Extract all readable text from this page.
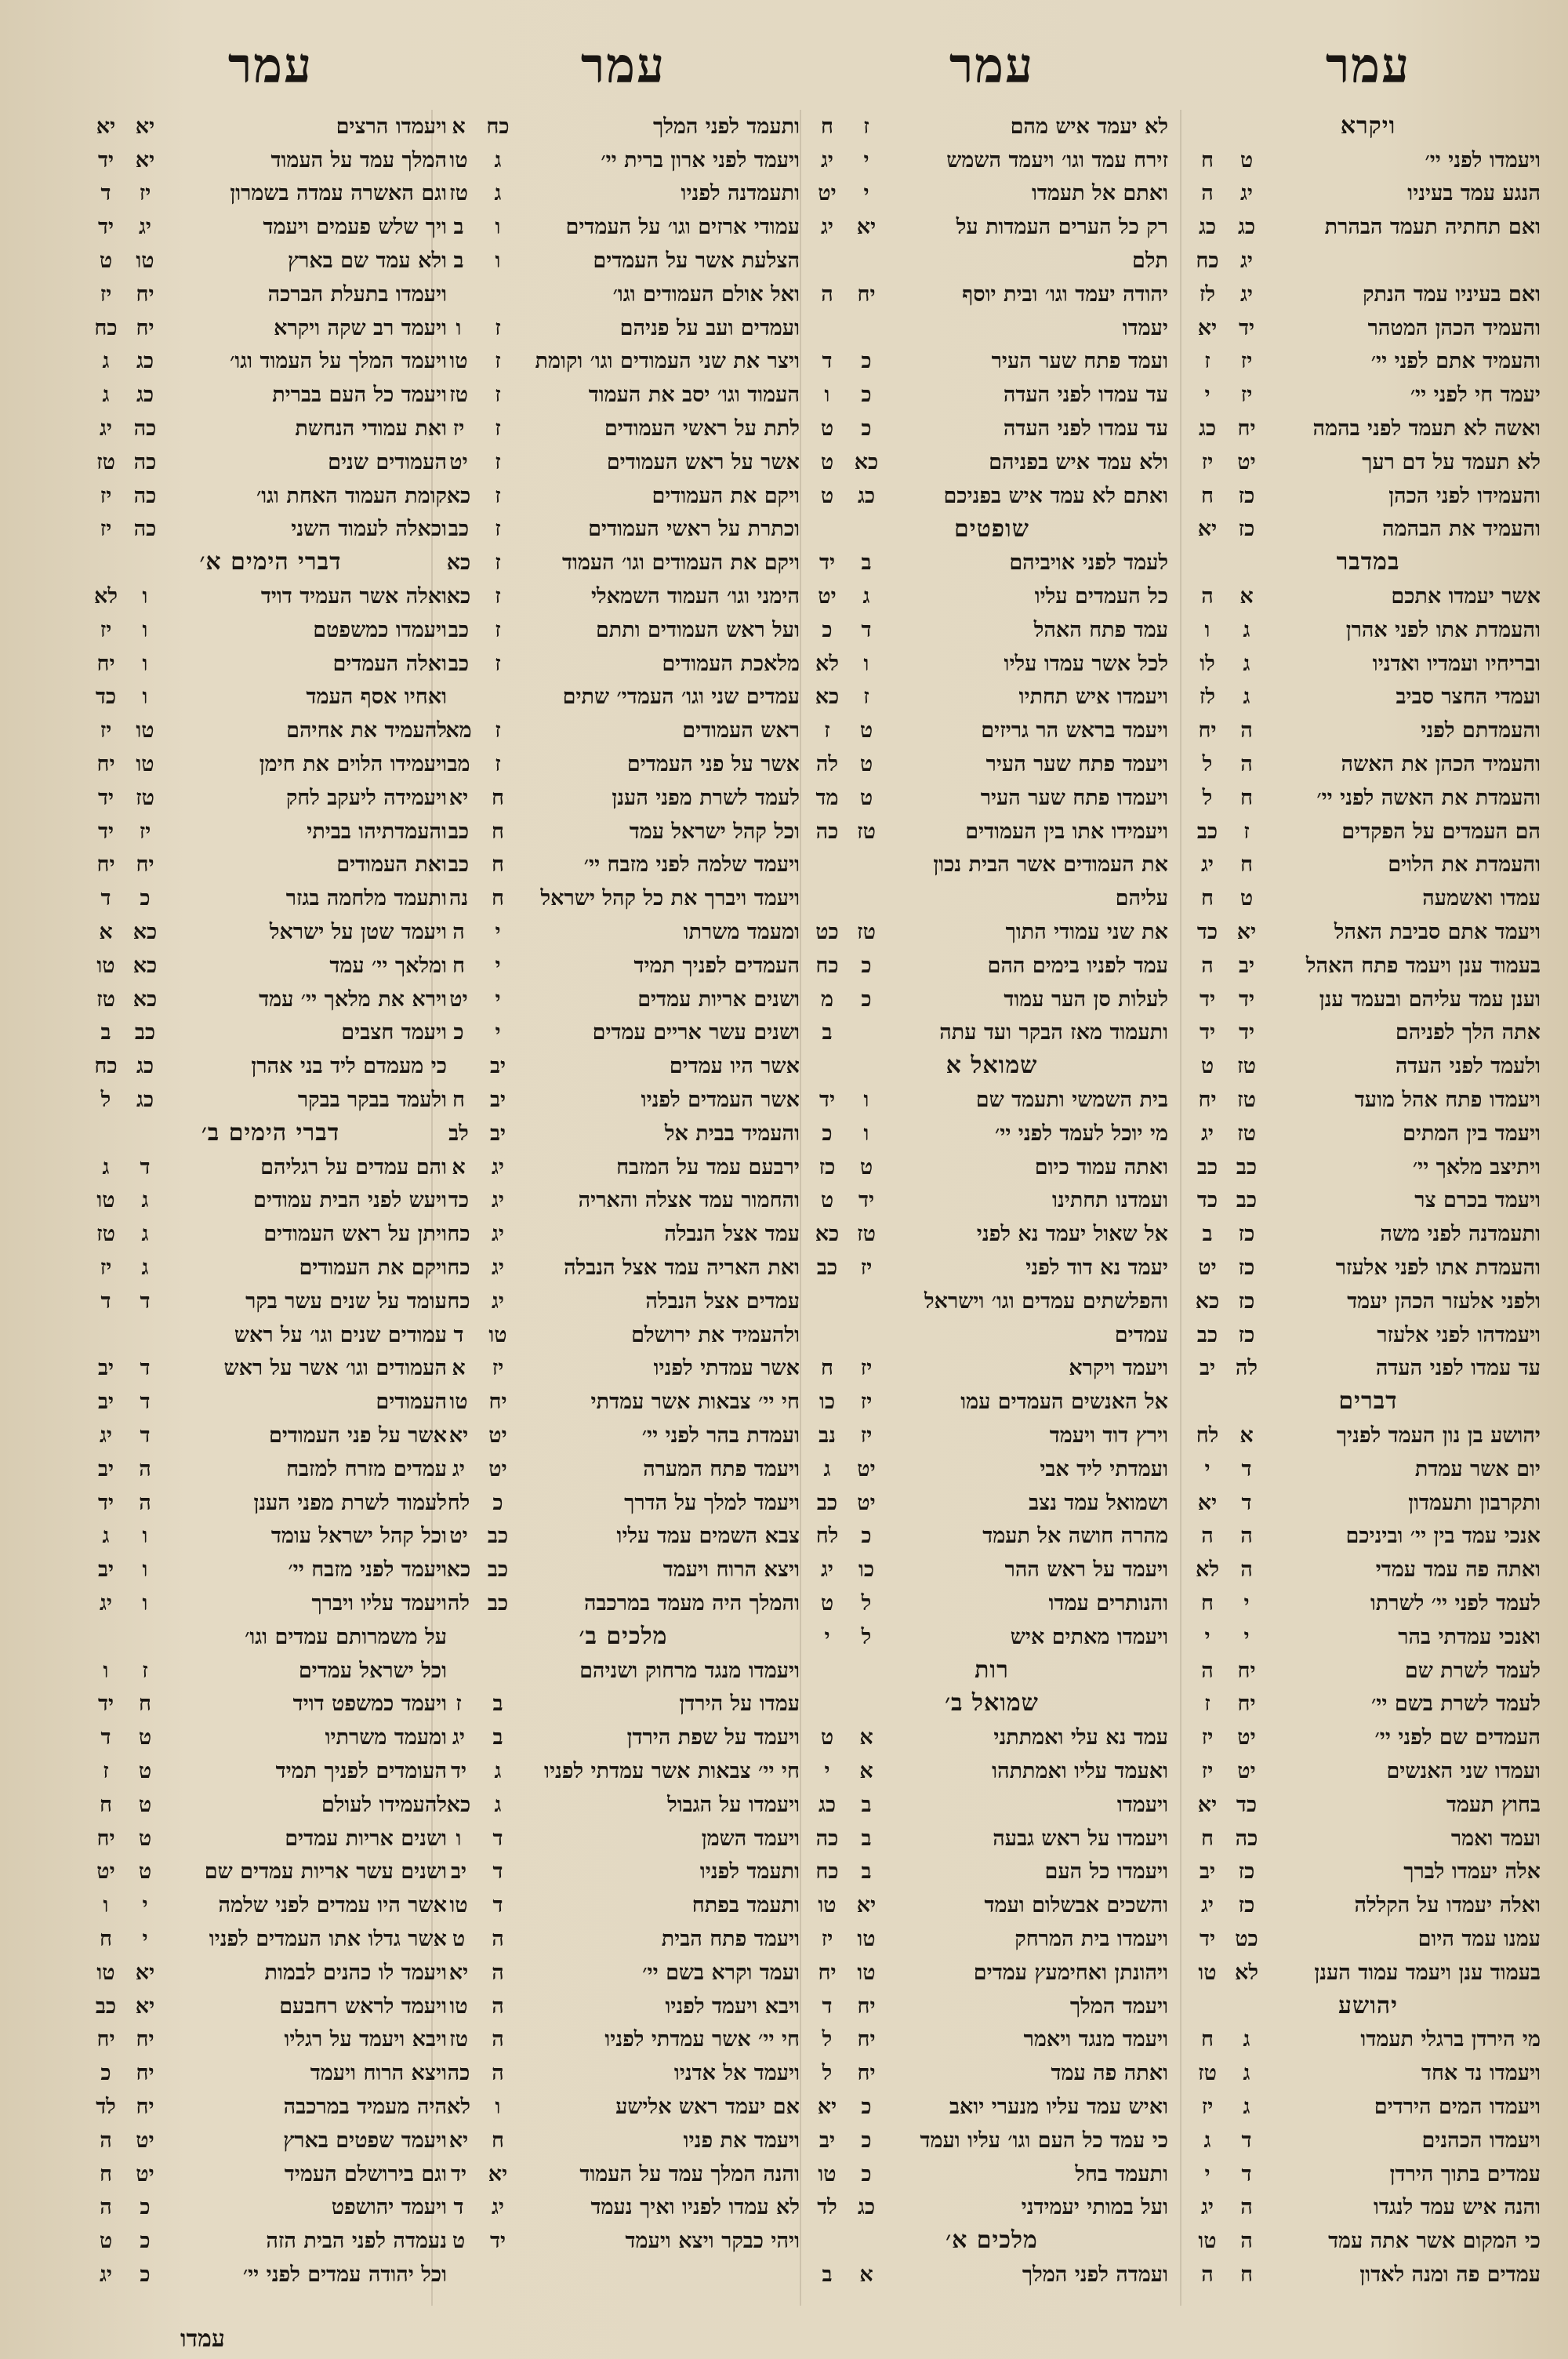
עמר
ויקרא
ויעמדו לפני יי׳
ט
ח
הנגע עמד בעיניו
יג
ה
ואם תחתיה תעמד הבהרת
כג
כג
יג
כח
ואם בעיניו עמד הנתק
יג
לז
והעמיד הכהן המטהר
יד
יא
והעמיד אתם לפני יי׳
יז
ז
יעמד חי לפני יי׳
יז
י
ואשה לא תעמד לפני בהמה
יח
כג
לא תעמד על דם רעך
יט
יז
והעמידו לפני הכהן
כז
ח
והעמיד את הבהמה
כז
יא
במדבר
אשר יעמדו אתכם
א
ה
והעמדת אתו לפני אהרן
ג
ו
ובריחיו ועמדיו ואדניו
ג
לו
ועמדי החצר סביב
ג
לז
והעמדתם לפני
ה
יח
והעמיד הכהן את האשה
ה
ל
והעמדת את האשה לפני יי׳
ח
ל
הם העמדים על הפקדים
ז
כב
והעמדת את הלוים
ח
יג
עמדו ואשמעה
ט
ח
ויעמד אתם סביבת האהל
יא
כד
בעמוד ענן ויעמד פתח האהל
יב
ה
וענן עמד עליהם ובעמד ענן
יד
יד
אתה הלך לפניהם
יד
יד
ולעמד לפני העדה
טז
ט
ויעמדו פתח אהל מועד
טז
יח
ויעמד בין המתים
טז
יג
ויתיצב מלאך יי׳
כב
כב
ויעמד בכרם צר
כב
כד
ותעמדנה לפני משה
כז
ב
והעמדת אתו לפני אלעזר
כז
יט
ולפני אלעזר הכהן יעמד
כז
כא
ויעמדהו לפני אלעזר
כז
כב
עד עמדו לפני העדה
לה
יב
דברים
יהושע בן נון העמד לפניך
א
לח
יום אשר עמדת
ד
י
ותקרבון ותעמדון
ד
יא
אנכי עמד בין יי׳ וביניכם
ה
ה
ואתה פה עמד עמדי
ה
לא
לעמד לפני יי׳ לשרתו
י
ח
ואנכי עמדתי בהר
י
י
לעמד לשרת שם
יח
ה
לעמד לשרת בשם יי׳
יח
ז
העמדים שם לפני יי׳
יט
יז
ועמדו שני האנשים
יט
יז
בחוץ תעמד
כד
יא
ועמד ואמר
כה
ח
אלה יעמדו לברך
כז
יב
ואלה יעמדו על הקללה
כז
יג
עמנו עמד היום
כט
יד
בעמוד ענן ויעמד עמוד הענן
לא
טו
יהושע
מי הירדן ברגלי תעמדו
ג
ח
ויעמדו נד אחד
ג
טז
ויעמדו המים הירדים
ג
יז
ויעמדו הכהנים
ד
ג
עמדים בתוך הירדן
ד
י
והנה איש עמד לנגדו
ה
יג
כי המקום אשר אתה עמד
ה
טו
עמדים פה ומנה לאדון
ח
ה
עמר
לא יעמד איש מהם
ז
ח
זירח עמד וגו׳ ויעמד השמש
י
יג
ואתם אל תעמדו
י
יט
רק כל הערים העמדות על
יא
יג
תלם
יהודה יעמד וגו׳ ובית יוסף
יח
ה
יעמדו
ועמד פתח שער העיר
כ
ד
עד עמדו לפני העדה
כ
ו
עד עמדו לפני העדה
כ
ט
ולא עמד איש בפניהם
כא
ט
ואתם לא עמד איש בפניכם
כג
ט
שופטים
לעמד לפני אויביהם
ב
יד
כל העמדים עליו
ג
יט
עמד פתח האהל
ד
כ
לכל אשר עמדו עליו
ו
לא
ויעמדו איש תחתיו
ז
כא
ויעמד בראש הר גריזים
ט
ז
ויעמד פתח שער העיר
ט
לה
ויעמדו פתח שער העיר
ט
מד
ויעמידו אתו בין העמודים
טז
כה
את העמודים אשר הבית נכון
עליהם
את שני עמודי התוך
טז
כט
עמד לפניו בימים ההם
כ
כח
לעלות סן הער עמוד
כ
מ
ותעמוד מאז הבקר ועד עתה
ב
שמואל א
בית השמשי ותעמד שם
ו
יד
מי יוכל לעמד לפני יי׳
ו
כ
ואתה עמוד כיום
ט
כז
ועמדנו תחתינו
יד
ט
אל שאול יעמד נא לפני
טז
כא
יעמד נא דוד לפני
יז
כב
והפלשתים עמדים וגו׳ וישראל
עמדים
ויעמד ויקרא
יז
ח
אל האנשים העמדים עמו
יז
כו
וירץ דוד ויעמד
יז
נב
ועמדתי ליד אבי
יט
ג
ושמואל עמד נצב
יט
כב
מהרה חושה אל תעמד
כ
לח
ויעמד על ראש ההר
כו
יג
והנותרים עמדו
ל
ט
ויעמדו מאתים איש
ל
י
רות
שמואל ב׳
עמד נא עלי ואמתתני
א
ט
ואעמד עליו ואמתתהו
א
י
ויעמדו
ב
כג
ויעמדו על ראש גבעה
ב
כה
ויעמדו כל העם
ב
כח
והשכים אבשלום ועמד
יא
טו
ויעמדו בית המרחק
טו
יז
ויהונתן ואחימעץ עמדים
טו
יח
ויעמד המלך
יח
ד
ויעמד מנגד ויאמר
יח
ל
ואתה פה עמד
יח
ל
ואיש עמד עליו מנערי יואב
כ
יא
כי עמד כל העם וגו׳ עליו ועמד
כ
יב
ותעמד בחל
כ
טו
ועל במותי יעמידני
כג
לד
מלכים א׳
ועמדה לפני המלך
א
ב
עמר
ותעמד לפני המלך
כח
א
ויעמד לפני ארון ברית יי׳
ג
טו
ותעמדנה לפניו
ג
טז
עמודי ארזים וגו׳ על העמדים
ו
ב
הצלעת אשר על העמדים
ו
ב
ואל אולם העמודים וגו׳
ועמדים ועב על פניהם
ז
ו
ויצר את שני העמודים וגו׳ וקומת
ז
טו
העמוד וגו׳ יסב את העמוד
ז
טז
לתת על ראשי העמודים
ז
יז
אשר על ראש העמודים
ז
יט
ויקם את העמודים
ז
כא
וכתרת על ראשי העמודים
ז
כב
ויקם את העמודים וגו׳ העמוד
ז
כא
הימני וגו׳ העמוד השמאלי
ז
כא
ועל ראש העמודים ותתם
ז
כב
מלאכת העמודים
ז
כב
עמדים שני וגו׳ העמדי׳ שתים
ראש העמודים
ז
מא
אשר על פני העמדים
ז
מב
לעמד לשרת מפני הענן
ח
יא
וכל קהל ישראל עמד
ח
כב
ויעמד שלמה לפני מזבח יי׳
ח
כב
ויעמד ויברך את כל קהל ישראל
ח
נה
ומעמד משרתו
י
ה
העמדים לפניך תמיד
י
ח
ושנים אריות עמדים
י
יט
ושנים עשר אריים עמדים
י
כ
אשר היו עמדים
יב
אשר העמדים לפניו
יב
ח
והעמיד בבית אל
יב
לב
ירבעם עמד על המזבח
יג
א
והחמור עמד אצלה והאריה
יג
כד
עמד אצל הנבלה
יג
כח
ואת האריה עמד אצל הנבלה
יג
כח
עמדים אצל הנבלה
יג
כח
ולהעמיד את ירושלם
טו
ד
אשר עמדתי לפניו
יז
א
חי יי׳ צבאות אשר עמדתי
יח
טו
ועמדת בהר לפני יי׳
יט
יא
ויעמד פתח המערה
יט
יג
ויעמד למלך על הדרך
כ
לח
צבא השמים עמד עליו
כב
יט
ויצא הרוח ויעמד
כב
כא
והמלך היה מעמד במרכבה
כב
לה
מלכים ב׳
ויעמדו מנגד מרחוק ושניהם
עמדו על הירדן
ב
ז
ויעמד על שפת הירדן
ב
יג
חי יי׳ צבאות אשר עמדתי לפניו
ג
יד
ויעמדו על הגבול
ג
כא
ויעמד השמן
ד
ו
ותעמד לפניו
ד
יב
ותעמד בפתח
ד
טו
ויעמד פתח הבית
ה
ט
ועמד וקרא בשם יי׳
ה
יא
ויבא ויעמד לפניו
ה
טו
חי יי׳ אשר עמדתי לפניו
ה
טז
ויעמד אל אדניו
ה
כה
אם יעמד ראש אלישע
ו
לא
ויעמד את פניו
ח
יא
והנה המלך עמד על העמוד
יא
יד
לא עמדו לפניו ואיך נעמד
יג
ד
ויהי כבקר ויצא ויעמד
יד
ט
עמר
ויעמדו הרצים
יא
יא
המלך עמד על העמוד
יא
יד
וגם האשרה עמדה בשמרון
יז
ד
ויך שלש פעמים ויעמד
יג
יד
ולא עמד שם בארץ
טו
ט
ויעמדו בתעלת הברכה
יח
יז
ויעמד רב שקה ויקרא
יח
כח
ויעמד המלך על העמוד וגו׳
כג
ג
ויעמד כל העם בברית
כג
ג
ואת עמודי הנחשת
כה
יג
העמודים שנים
כה
טז
קומת העמוד האחת וגו׳
כה
יז
וכאלה לעמוד השני
כה
יז
דברי הימים א׳
ואלה אשר העמיד דויד
ו
לא
ויעמדו כמשפטם
ו
יז
ואלה העמדים
ו
יח
ואחיו אסף העמד
ו
כד
להעמיד את אחיהם
טו
יז
ויעמידו הלוים את חימן
טו
יח
ויעמידה ליעקב לחק
טז
יד
והעמדתיהו בביתי
יז
יד
ואת העמודים
יח
יח
ותעמד מלחמה בגזר
כ
ד
ויעמד שטן על ישראל
כא
א
ומלאך יי׳ עמד
כא
טו
וירא את מלאך יי׳ עמד
כא
טז
ויעמד חצבים
כב
ב
כי מעמדם ליד בני אהרן
כג
כח
ולעמד בבקר בבקר
כג
ל
דברי הימים ב׳
והם עמדים על רגליהם
ד
ג
ויעש לפני הבית עמודים
ג
טו
ויתן על ראש העמודים
ג
טז
ויקם את העמודים
ג
יז
עומד על שנים עשר בקר
ד
ד
עמודים שנים וגו׳ על ראש
העמודים וגו׳ אשר על ראש
ד
יב
העמודים
ד
יב
אשר על פני העמודים
ד
יג
עמדים מזרח למזבח
ה
יב
לעמוד לשרת מפני הענן
ה
יד
וכל קהל ישראל עומד
ו
ג
ויעמד לפני מזבח יי׳
ו
יב
ויעמד עליו ויברך
ו
יג
על משמרותם עמדים וגו׳
וכל ישראל עמדים
ז
ו
ויעמד כמשפט דויד
ח
יד
ומעמד משרתיו
ט
ד
העומדים לפניך תמיד
ט
ז
להעמידו לעולם
ט
ח
ושנים אריות עמדים
ט
יח
ושנים עשר אריות עמדים שם
ט
יט
אשר היו עמדים לפני שלמה
י
ו
אשר גדלו אתו העמדים לפניו
י
ח
ויעמד לו כהנים לבמות
יא
טו
ויעמד לראש רחבעם
יא
כב
ויבא ויעמד על רגליו
יח
יח
ויצא הרוח ויעמד
יח
כ
היה מעמיד במרכבה
יח
לד
ויעמד שפטים בארץ
יט
ה
וגם בירושלם העמיד
יט
ח
ויעמד יהושפט
כ
ה
נעמדה לפני הבית הזה
כ
ט
וכל יהודה עמדים לפני יי׳
כ
יג
עמדו
